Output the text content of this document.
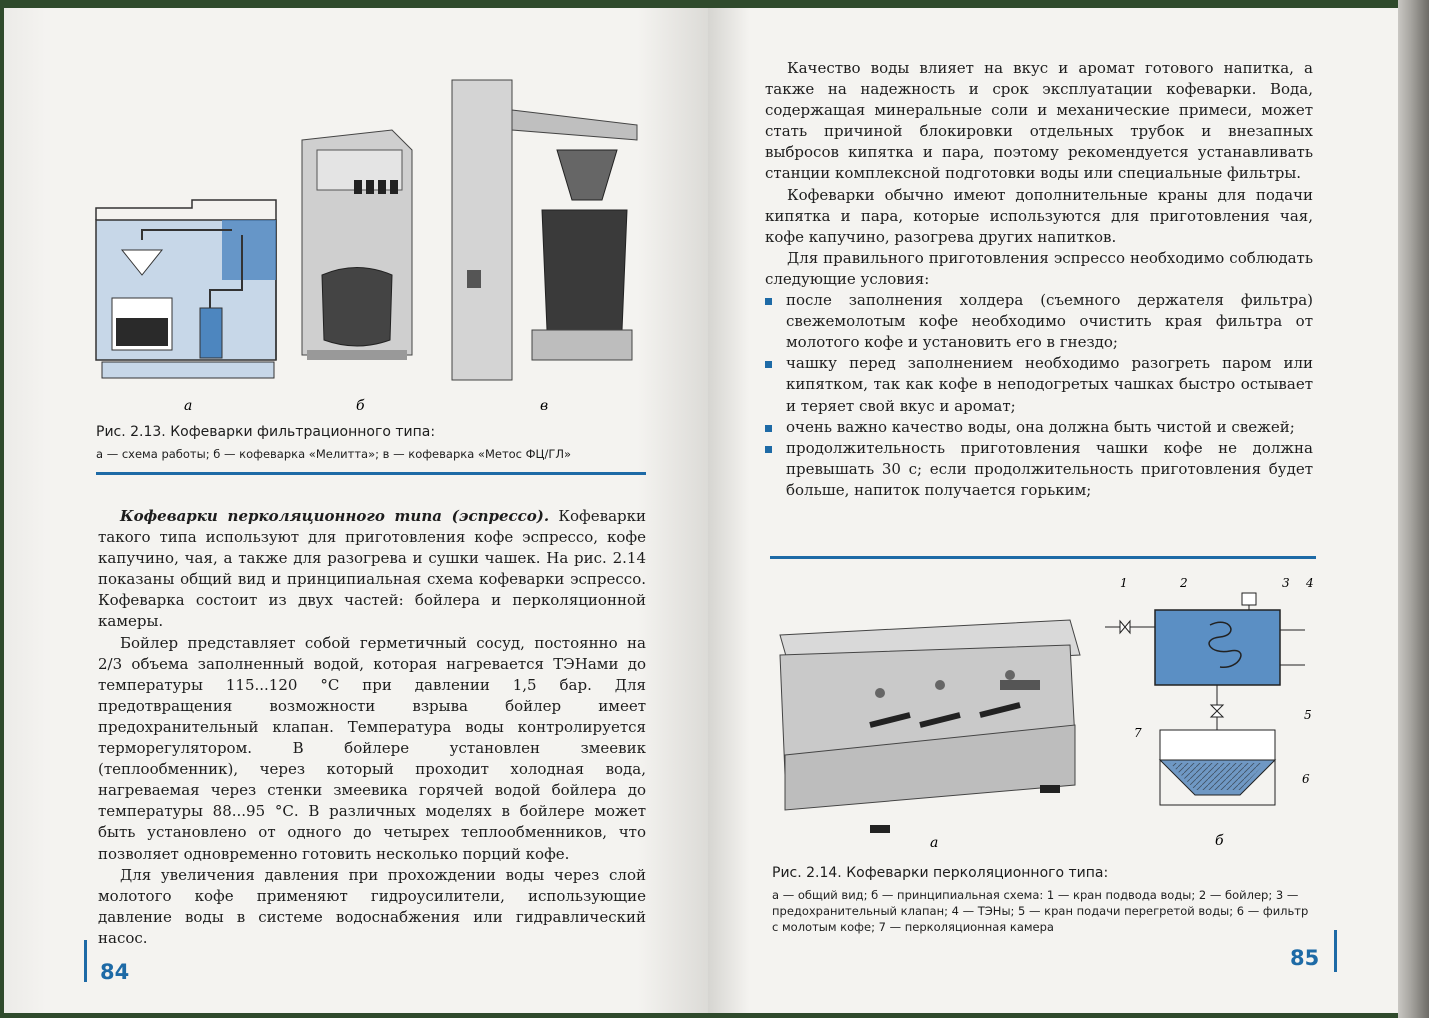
а	б	в
Рис. 2.13. Кофеварки фильтрационного типа:
а — схема работы; б — кофеварка «Мелитта»; в — кофеварка «Метос ФЦ/ГЛ»

Кофеварки перколяционного типа (эспрессо). Кофеварки такого типа используют для приготовления кофе эспрессо, кофе капучино, чая, а также для разогрева и сушки чашек. На рис. 2.14 показаны общий вид и принципиальная схема кофеварки эспрессо. Кофеварка состоит из двух частей: бойлера и перколяционной камеры.

Бойлер представляет собой герметичный сосуд, постоянно на 2/3 объема заполненный водой, которая нагревается ТЭНами до температуры 115...120 °С при давлении 1,5 бар. Для предотвращения возможности взрыва бойлер имеет предохранительный клапан. Температура воды контролируется терморегулятором. В бойлере установлен змеевик (теплообменник), через который проходит холодная вода, нагреваемая через стенки змеевика горячей водой бойлера до температуры 88...95 °С. В различных моделях в бойлере может быть установлено от одного до четырех теплообменников, что позволяет одновременно готовить несколько порций кофе.

Для увеличения давления при прохождении воды через слой молотого кофе применяют гидроусилители, использующие давление воды в системе водоснабжения или гидравлический насос.

84

Качество воды влияет на вкус и аромат готового напитка, а также на надежность и срок эксплуатации кофеварки. Вода, содержащая минеральные соли и механические примеси, может стать причиной блокировки отдельных трубок и внезапных выбросов кипятка и пара, поэтому рекомендуется устанавливать станции комплексной подготовки воды или специальные фильтры.

Кофеварки обычно имеют дополнительные краны для подачи кипятка и пара, которые используются для приготовления чая, кофе капучино, разогрева других напитков.

Для правильного приготовления эспрессо необходимо соблюдать следующие условия:

после заполнения холдера (съемного держателя фильтра) свежемолотым кофе необходимо очистить края фильтра от молотого кофе и установить его в гнездо;
чашку перед заполнением необходимо разогреть паром или кипятком, так как кофе в неподогретых чашках быстро остывает и теряет свой вкус и аромат;
очень важно качество воды, она должна быть чистой и свежей;
продолжительность приготовления чашки кофе не должна превышать 30 с; если продолжительность приготовления будет больше, напиток получается горьким;
1	2	3 4
5
6
7
а	б
Рис. 2.14. Кофеварки перколяционного типа:
а — общий вид; б — принципиальная схема: 1 — кран подвода воды; 2 — бойлер; 3 — предохранительный клапан; 4 — ТЭНы; 5 — кран подачи перегретой воды; 6 — фильтр с молотым кофе; 7 — перколяционная камера
85
